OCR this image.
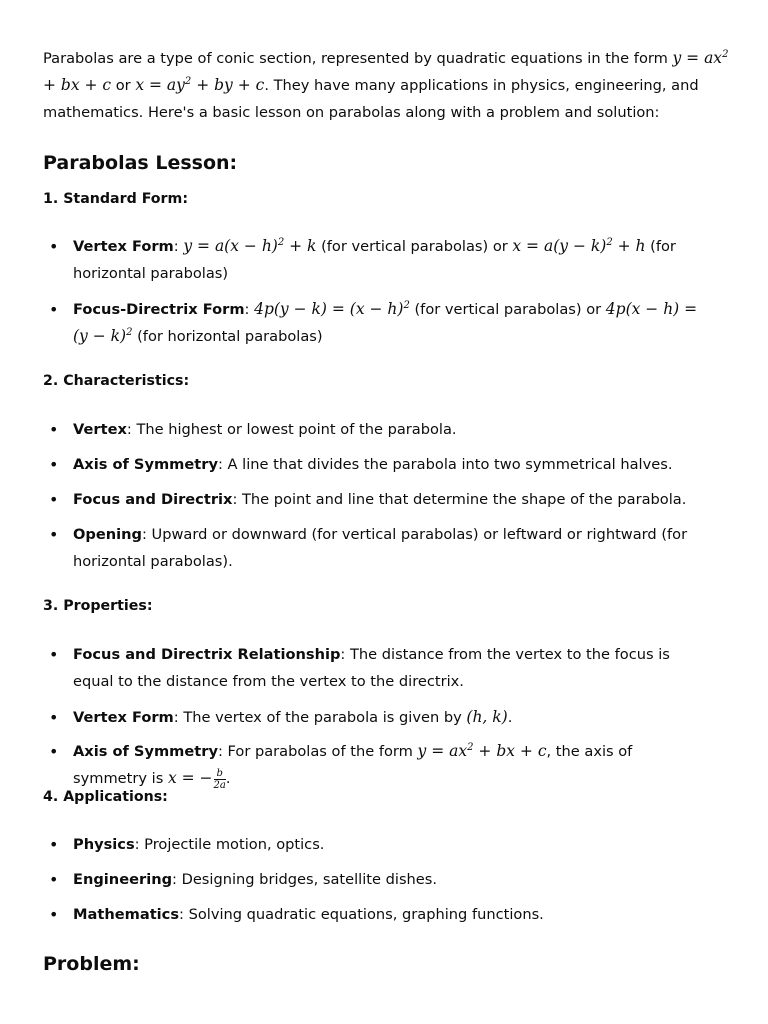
Parabolas are a type of conic section, represented by quadratic equations in the form $y = ax^2$ + bx + c or $x = ay^2$ + by + c. They have many applications in physics, engineering, and mathematics. Here's a basic lesson on parabolas along with a problem and solution:
Parabolas Lesson:
1. Standard Form:
• Vertex Form: $y = a(x - h)^2 + k$ (for vertical parabolas) or $x = a(y - k)^2 + h$ (for horizontal parabolas)
• Focus-Directrix Form: $4p(y - k) = (x - h)^2$ (for vertical parabolas) or $4p(x - h) = (y - k)^2$ (for horizontal parabolas)
2. Characteristics:
• Vertex: The highest or lowest point of the parabola.
• Axis of Symmetry: A line that divides the parabola into two symmetrical halves.
• Focus and Directrix: The point and line that determine the shape of the parabola.
• Opening: Upward or downward (for vertical parabolas) or leftward or rightward (for horizontal parabolas).
3. Properties:
• Focus and Directrix Relationship: The distance from the vertex to the focus is equal to the distance from the vertex to the directrix.
• Vertex Form: The vertex of the parabola is given by (h, k).
• Axis of Symmetry: For parabolas of the form $y = ax^2$ + bx + c, the axis of symmetry is x = − $\frac{b}{2a}$ .
4. Applications:
• Physics: Projectile motion, optics.
• Engineering: Designing bridges, satellite dishes.
• Mathematics: Solving quadratic equations, graphing functions.
Problem:
